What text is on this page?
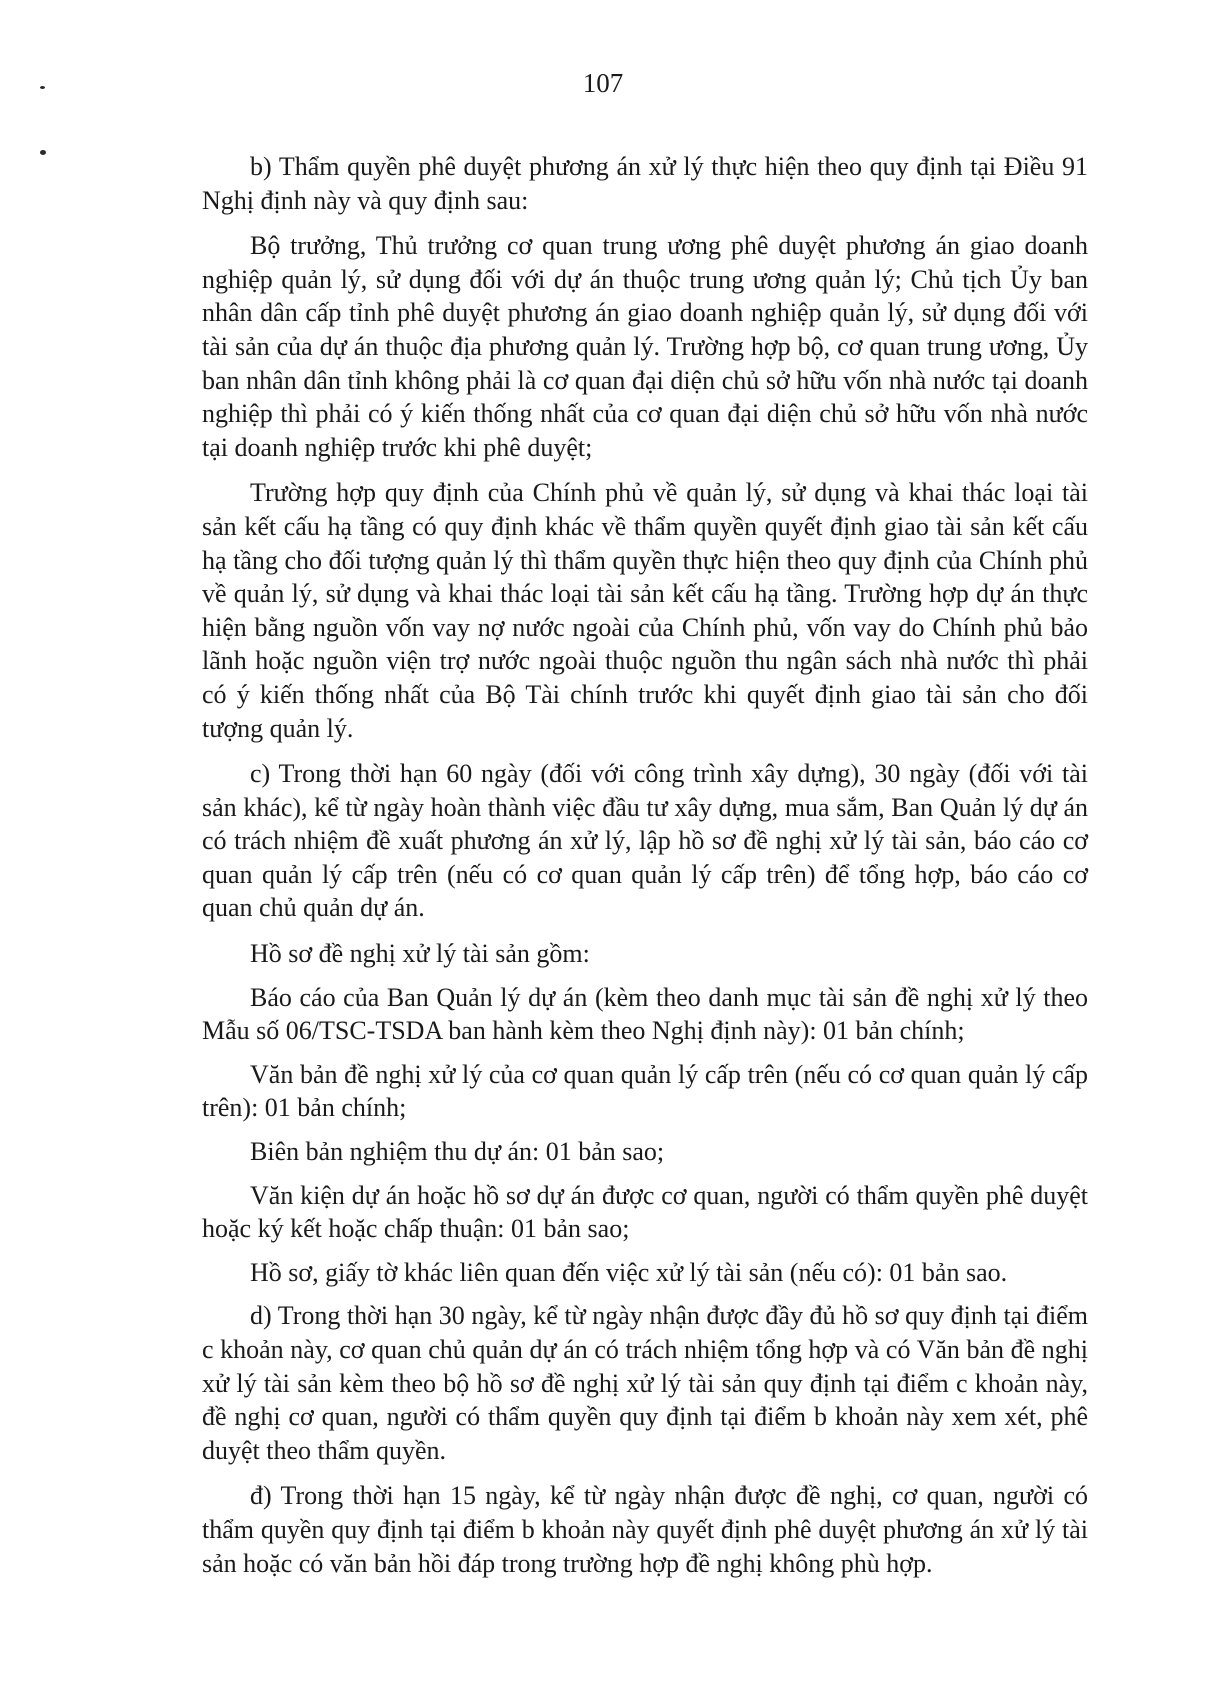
107

b) Thẩm quyền phê duyệt phương án xử lý thực hiện theo quy định tại Điều 91 Nghị định này và quy định sau:

Bộ trưởng, Thủ trưởng cơ quan trung ương phê duyệt phương án giao doanh nghiệp quản lý, sử dụng đối với dự án thuộc trung ương quản lý; Chủ tịch Ủy ban nhân dân cấp tỉnh phê duyệt phương án giao doanh nghiệp quản lý, sử dụng đối với tài sản của dự án thuộc địa phương quản lý. Trường hợp bộ, cơ quan trung ương, Ủy ban nhân dân tỉnh không phải là cơ quan đại diện chủ sở hữu vốn nhà nước tại doanh nghiệp thì phải có ý kiến thống nhất của cơ quan đại diện chủ sở hữu vốn nhà nước tại doanh nghiệp trước khi phê duyệt;

Trường hợp quy định của Chính phủ về quản lý, sử dụng và khai thác loại tài sản kết cấu hạ tầng có quy định khác về thẩm quyền quyết định giao tài sản kết cấu hạ tầng cho đối tượng quản lý thì thẩm quyền thực hiện theo quy định của Chính phủ về quản lý, sử dụng và khai thác loại tài sản kết cấu hạ tầng. Trường hợp dự án thực hiện bằng nguồn vốn vay nợ nước ngoài của Chính phủ, vốn vay do Chính phủ bảo lãnh hoặc nguồn viện trợ nước ngoài thuộc nguồn thu ngân sách nhà nước thì phải có ý kiến thống nhất của Bộ Tài chính trước khi quyết định giao tài sản cho đối tượng quản lý.

c) Trong thời hạn 60 ngày (đối với công trình xây dựng), 30 ngày (đối với tài sản khác), kể từ ngày hoàn thành việc đầu tư xây dựng, mua sắm, Ban Quản lý dự án có trách nhiệm đề xuất phương án xử lý, lập hồ sơ đề nghị xử lý tài sản, báo cáo cơ quan quản lý cấp trên (nếu có cơ quan quản lý cấp trên) để tổng hợp, báo cáo cơ quan chủ quản dự án.

Hồ sơ đề nghị xử lý tài sản gồm:

Báo cáo của Ban Quản lý dự án (kèm theo danh mục tài sản đề nghị xử lý theo Mẫu số 06/TSC-TSDA ban hành kèm theo Nghị định này): 01 bản chính;

Văn bản đề nghị xử lý của cơ quan quản lý cấp trên (nếu có cơ quan quản lý cấp trên): 01 bản chính;

Biên bản nghiệm thu dự án: 01 bản sao;

Văn kiện dự án hoặc hồ sơ dự án được cơ quan, người có thẩm quyền phê duyệt hoặc ký kết hoặc chấp thuận: 01 bản sao;

Hồ sơ, giấy tờ khác liên quan đến việc xử lý tài sản (nếu có): 01 bản sao.

d) Trong thời hạn 30 ngày, kể từ ngày nhận được đầy đủ hồ sơ quy định tại điểm c khoản này, cơ quan chủ quản dự án có trách nhiệm tổng hợp và có Văn bản đề nghị xử lý tài sản kèm theo bộ hồ sơ đề nghị xử lý tài sản quy định tại điểm c khoản này, đề nghị cơ quan, người có thẩm quyền quy định tại điểm b khoản này xem xét, phê duyệt theo thẩm quyền.

đ) Trong thời hạn 15 ngày, kể từ ngày nhận được đề nghị, cơ quan, người có thẩm quyền quy định tại điểm b khoản này quyết định phê duyệt phương án xử lý tài sản hoặc có văn bản hồi đáp trong trường hợp đề nghị không phù hợp.
